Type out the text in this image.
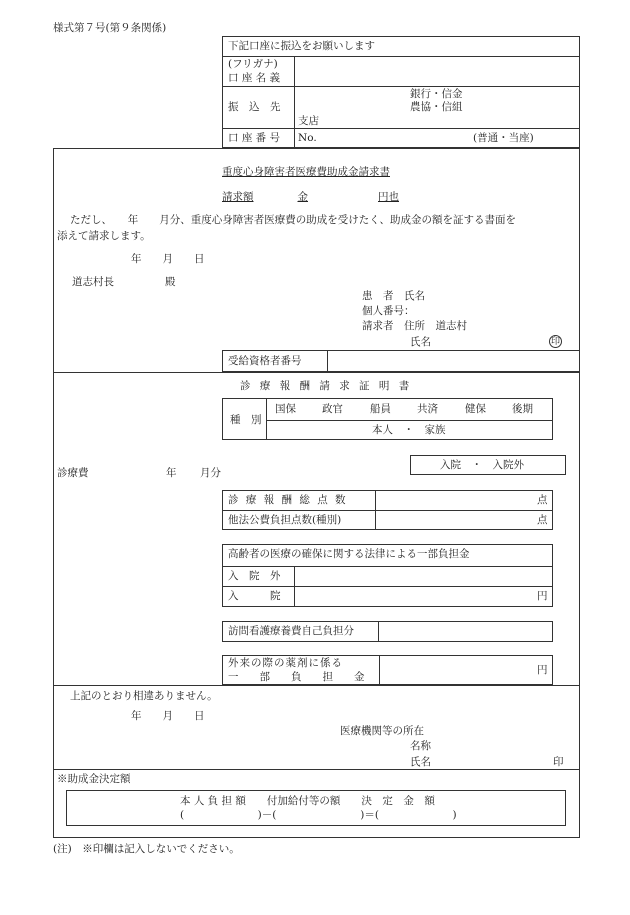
様式第７号(第９条関係)
下記口座に振込をお願いします
(フリガナ)
口 座 名 義
振　込　先
銀行・信金
農協・信組
支店
口 座 番 号 No.	(普通・当座)
重度心身障害者医療費助成金請求書
請求額	金	円也
ただし、　　年　　月分、重度心身障害者医療費の助成を受けたく、助成金の額を証する書面を
添えて請求します。
年　　月　　日
道志村長	殿
患　者　氏名
個人番号：
請求者　住所　道志村
氏名	印
受給資格者番号
診 療 報 酬 請 求 証 明 書
種　別
国保 政官	船員 共済	健保 後期
本人　・　家族
診療費	年 月分
入院　・　入院外
診 療 報 酬 総 点 数	点
他法公費負担点数(種別)	点
高齢者の医療の確保に関する法律による一部負担金
入　院　外
入　　　院	円
訪問看護療養費自己負担分
外来の際の薬剤に係る
一　　部　　負　　担　　金
円
上記のとおり相違ありません。
年　　月　　日
医療機関等の所在
名称
氏名	印
※助成金決定額
本 人 負 担 額　　付加給付等の額　　決　定　金　額
(　　　　　　　)－(　　　　　　　　)＝(　　　　　　　)
(注)　※印欄は記入しないでください。
